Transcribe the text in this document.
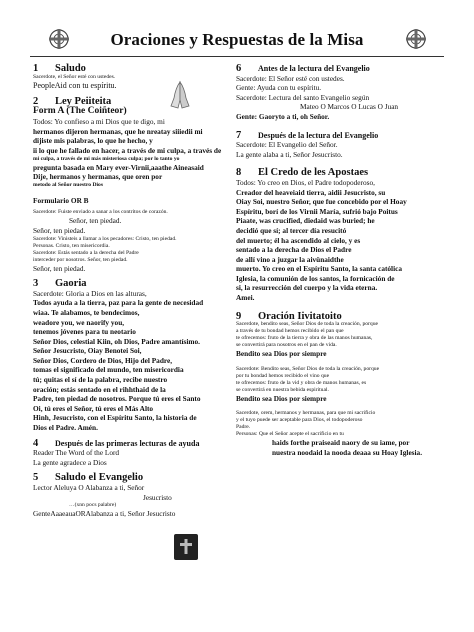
Oraciones y Respuestas de la Misa
1	Saludo
Sacerdote, el Señor esté con ustedes.
PeopleAid con tu espíritu.
2	Ley Peiiteita
Form A (The Coiñteor)
Todos: Yo confieso a mi Dios que te digo, mi
hermanos dijeron hermanas, que he nreatay siiiedii mi
dijiste mis palabras, lo que he hecho, y
ii lo que he fallado en hacer, a través de mi culpa, a través de
mi culpa, a través de mi más misteriosa culpa; por lo tanto yo
pregunta basada en Mary ever-Virnii,aaathe Aineasaid
Dije, hermanos y hermanas, que oren por
metodo al Señor nuestro Dios
Formulario OR B
Sacerdote: Fuiste enviado a sanar a los contritos de corazón.
Señor, ten piedad.
Señor, ten piedad.
Sacerdote: Vinisteis a llamar a los pecadores: Cristo, ten piedad.
Personas. Cristo, ten misericordia.
Sacerdote: Estás sentado a la derecha del Padre
interceder por nosotros. Señor, ten piedad.
Señor, ten piedad.
3	Gaoria
Sacerdote: Gloria a Dios en las alturas,
Todos ayuda a la tierra, paz para la gente de necesidad
wiaa. Te alabamos, te bendecimos,
weadore you, we naorify you,
tenemos jóvenes para tu neotario
Señor Dios, celestial Kiin, oh Dios, Padre amantísimo.
Señor Jesucristo, Oiay Benotei Soi,
Señor Dios, Cordero de Dios, Hijo del Padre,
tomas el significado del mundo, ten misericordia
tú; quitas el sí de la palabra, recibe nuestro
oración; estás sentado en el rihhthaid de la
Padre, ten piedad de nosotros. Porque tú eres el Santo
Oi, tú eres el Señor, tú eres el Más Alto
Hinh, Jesucristo, con el Espíritu Santo, la historia de
Dios el Padre. Amén.
4	Después de las primeras lecturas de ayuda
Reader The Word of the Lord
La gente agradece a Dios
5	Saludo el Evangelio
Lector Aleluya O Alabanza a ti, Señor
Jesucristo
…(xnn pocs palabre)
GenteAaaeauaORAlabanza a ti, Señor Jesucristo
6	Antes de la lectura del Evangelio
Sacerdote: El Señor esté con ustedes.
Gente: Ayuda con tu espíritu.
Sacerdote: Lectura del santo Evangelio según
Mateo O Marcos O Lucas O Juan
Gente: Gaoryto a ti, oh Señor.
7	Después de la lectura del Evangelio
Sacerdote: El Evangelio del Señor.
La gente alaba a ti, Señor Jesucristo.
8	El Credo de les Apostaes
Todos: Yo creo en Dios, el Padre todopoderoso,
Creador del heaveiaid tierra, aidii Jesucristo, su
Oiay Soi, nuestro Señor, que fue concebido por el Hoay
Espíritu, borí de los Virnii María, sufrió bajo Poitus
Piaate, was crucified, diedaid was buried; he
decidió que sí; al tercer día resucitó
del muerto; él ha ascendido al cielo, y es
sentado a la derecha de Dios el Padre
de allí vino a juzgar la aivünaidthe
muerto. Yo creo en el Espíritu Santo, la santa católica
Iglesia, la comunión de los santos, la fornicación de
si, la resurrección del cuerpo y la vida eterna.
Amei.
9	Oración Iivitatoito
Sacerdote, bendito seas, Señor Dios de toda la creación, porque
a través de tu bondad hemos recibido el pan que
te ofrecemos: fruto de la tierra y obra de las manos humanas,
se convertirá para nosotros en el pan de vida.
Bendito sea Dios por siempre
Sacerdote: Bendito seas, Señor Dios de toda la creación, porque
por tu bondad hemos recibido el vino que
te ofrecemos: fruto de la vid y obra de manos humanas, es
se convertirá en nuestra bebida espiritual.
Bendito sea Dios por siempre
Sacerdote, orem, hermanos y hermanas, para que mi sacrificio
y el tuyo puede ser aceptable para Dios, el todopoderoso
Padre.
Personas: Que el Señor acepte el sacrificio en tu
haids forthe praiseaid naory de su iame, por
nuestra noodaid la nooda deaaa su Hoay Iglesia.
